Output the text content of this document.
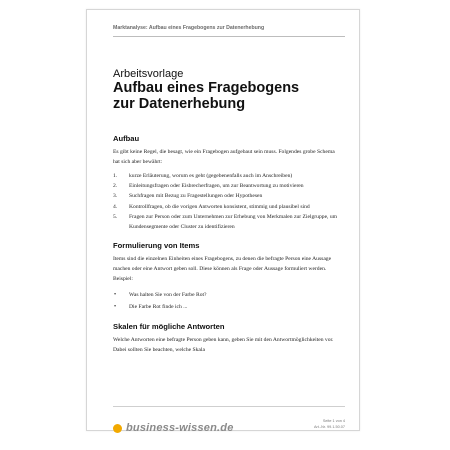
Marktanalyse: Aufbau eines Fragebogens zur Datenerhebung
Arbeitsvorlage
Aufbau eines Fragebogens
zur Datenerhebung
Aufbau

Es gibt keine Regel, die besagt, wie ein Fragebogen aufgebaut sein muss. Folgendes grobe Schema hat sich aber bewährt:

1. kurze Erläuterung, worum es geht (gegebenenfalls auch im Anschreiben)
2. Einleitungsfragen oder Eisbrecherfragen, um zur Beantwortung zu motivieren
3. Suchfragen mit Bezug zu Fragestellungen oder Hypothesen
4. Kontrollfragen, ob die vorigen Antworten konsistent, stimmig und plausibel sind
5. Fragen zur Person oder zum Unternehmen zur Erhebung von Merkmalen zur Zielgruppe, um Kundensegmente oder Cluster zu identifizieren
Formulierung von Items

Items sind die einzelnen Einheiten eines Fragebogens, zu denen die befragte Person eine Aussage machen oder eine Antwort geben soll. Diese können als Frage oder Aussage formuliert werden. Beispiel:

• Was halten Sie von der Farbe Rot?
• Die Farbe Rot finde ich ...
Skalen für mögliche Antworten

Welche Antworten eine befragte Person geben kann, geben Sie mit den Antwortmöglichkeiten vor. Dabei sollten Sie beachten, welche Skala

business-wissen.de
Seite 1 von 4
Art.-Nr. 99.1.50.07
